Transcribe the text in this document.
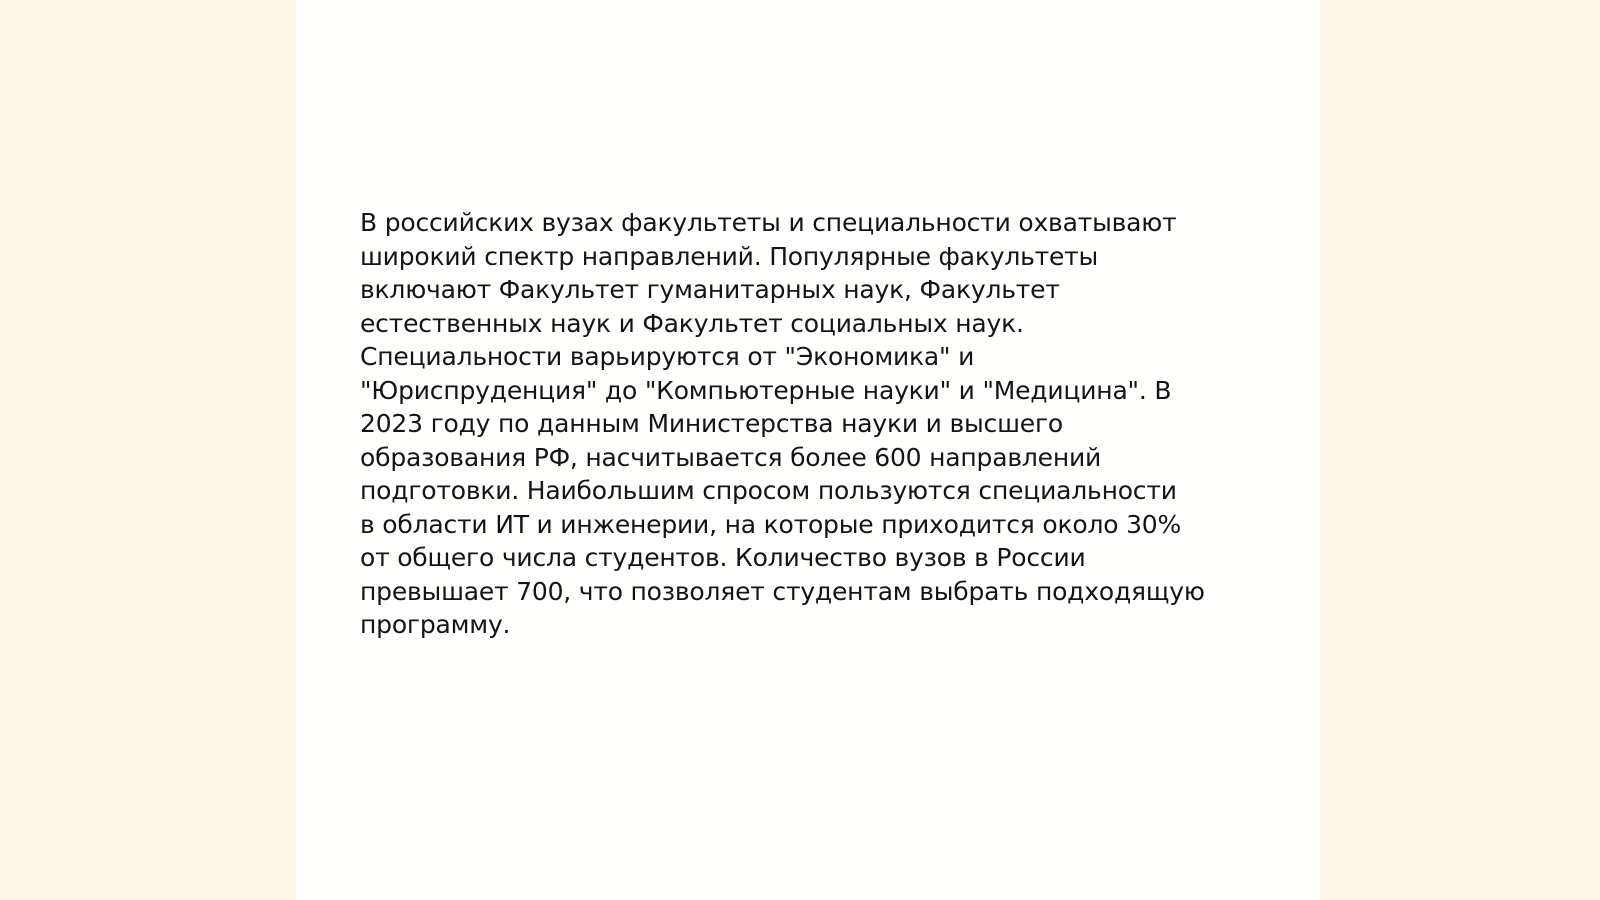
В российских вузах факультеты и специальности охватывают
широкий спектр направлений. Популярные факультеты
включают Факультет гуманитарных наук, Факультет
естественных наук и Факультет социальных наук.
Специальности варьируются от "Экономика" и
"Юриспруденция" до "Компьютерные науки" и "Медицина". В
2023 году по данным Министерства науки и высшего
образования РФ, насчитывается более 600 направлений
подготовки. Наибольшим спросом пользуются специальности
в области ИТ и инженерии, на которые приходится около 30%
от общего числа студентов. Количество вузов в России
превышает 700, что позволяет студентам выбрать подходящую
программу.
